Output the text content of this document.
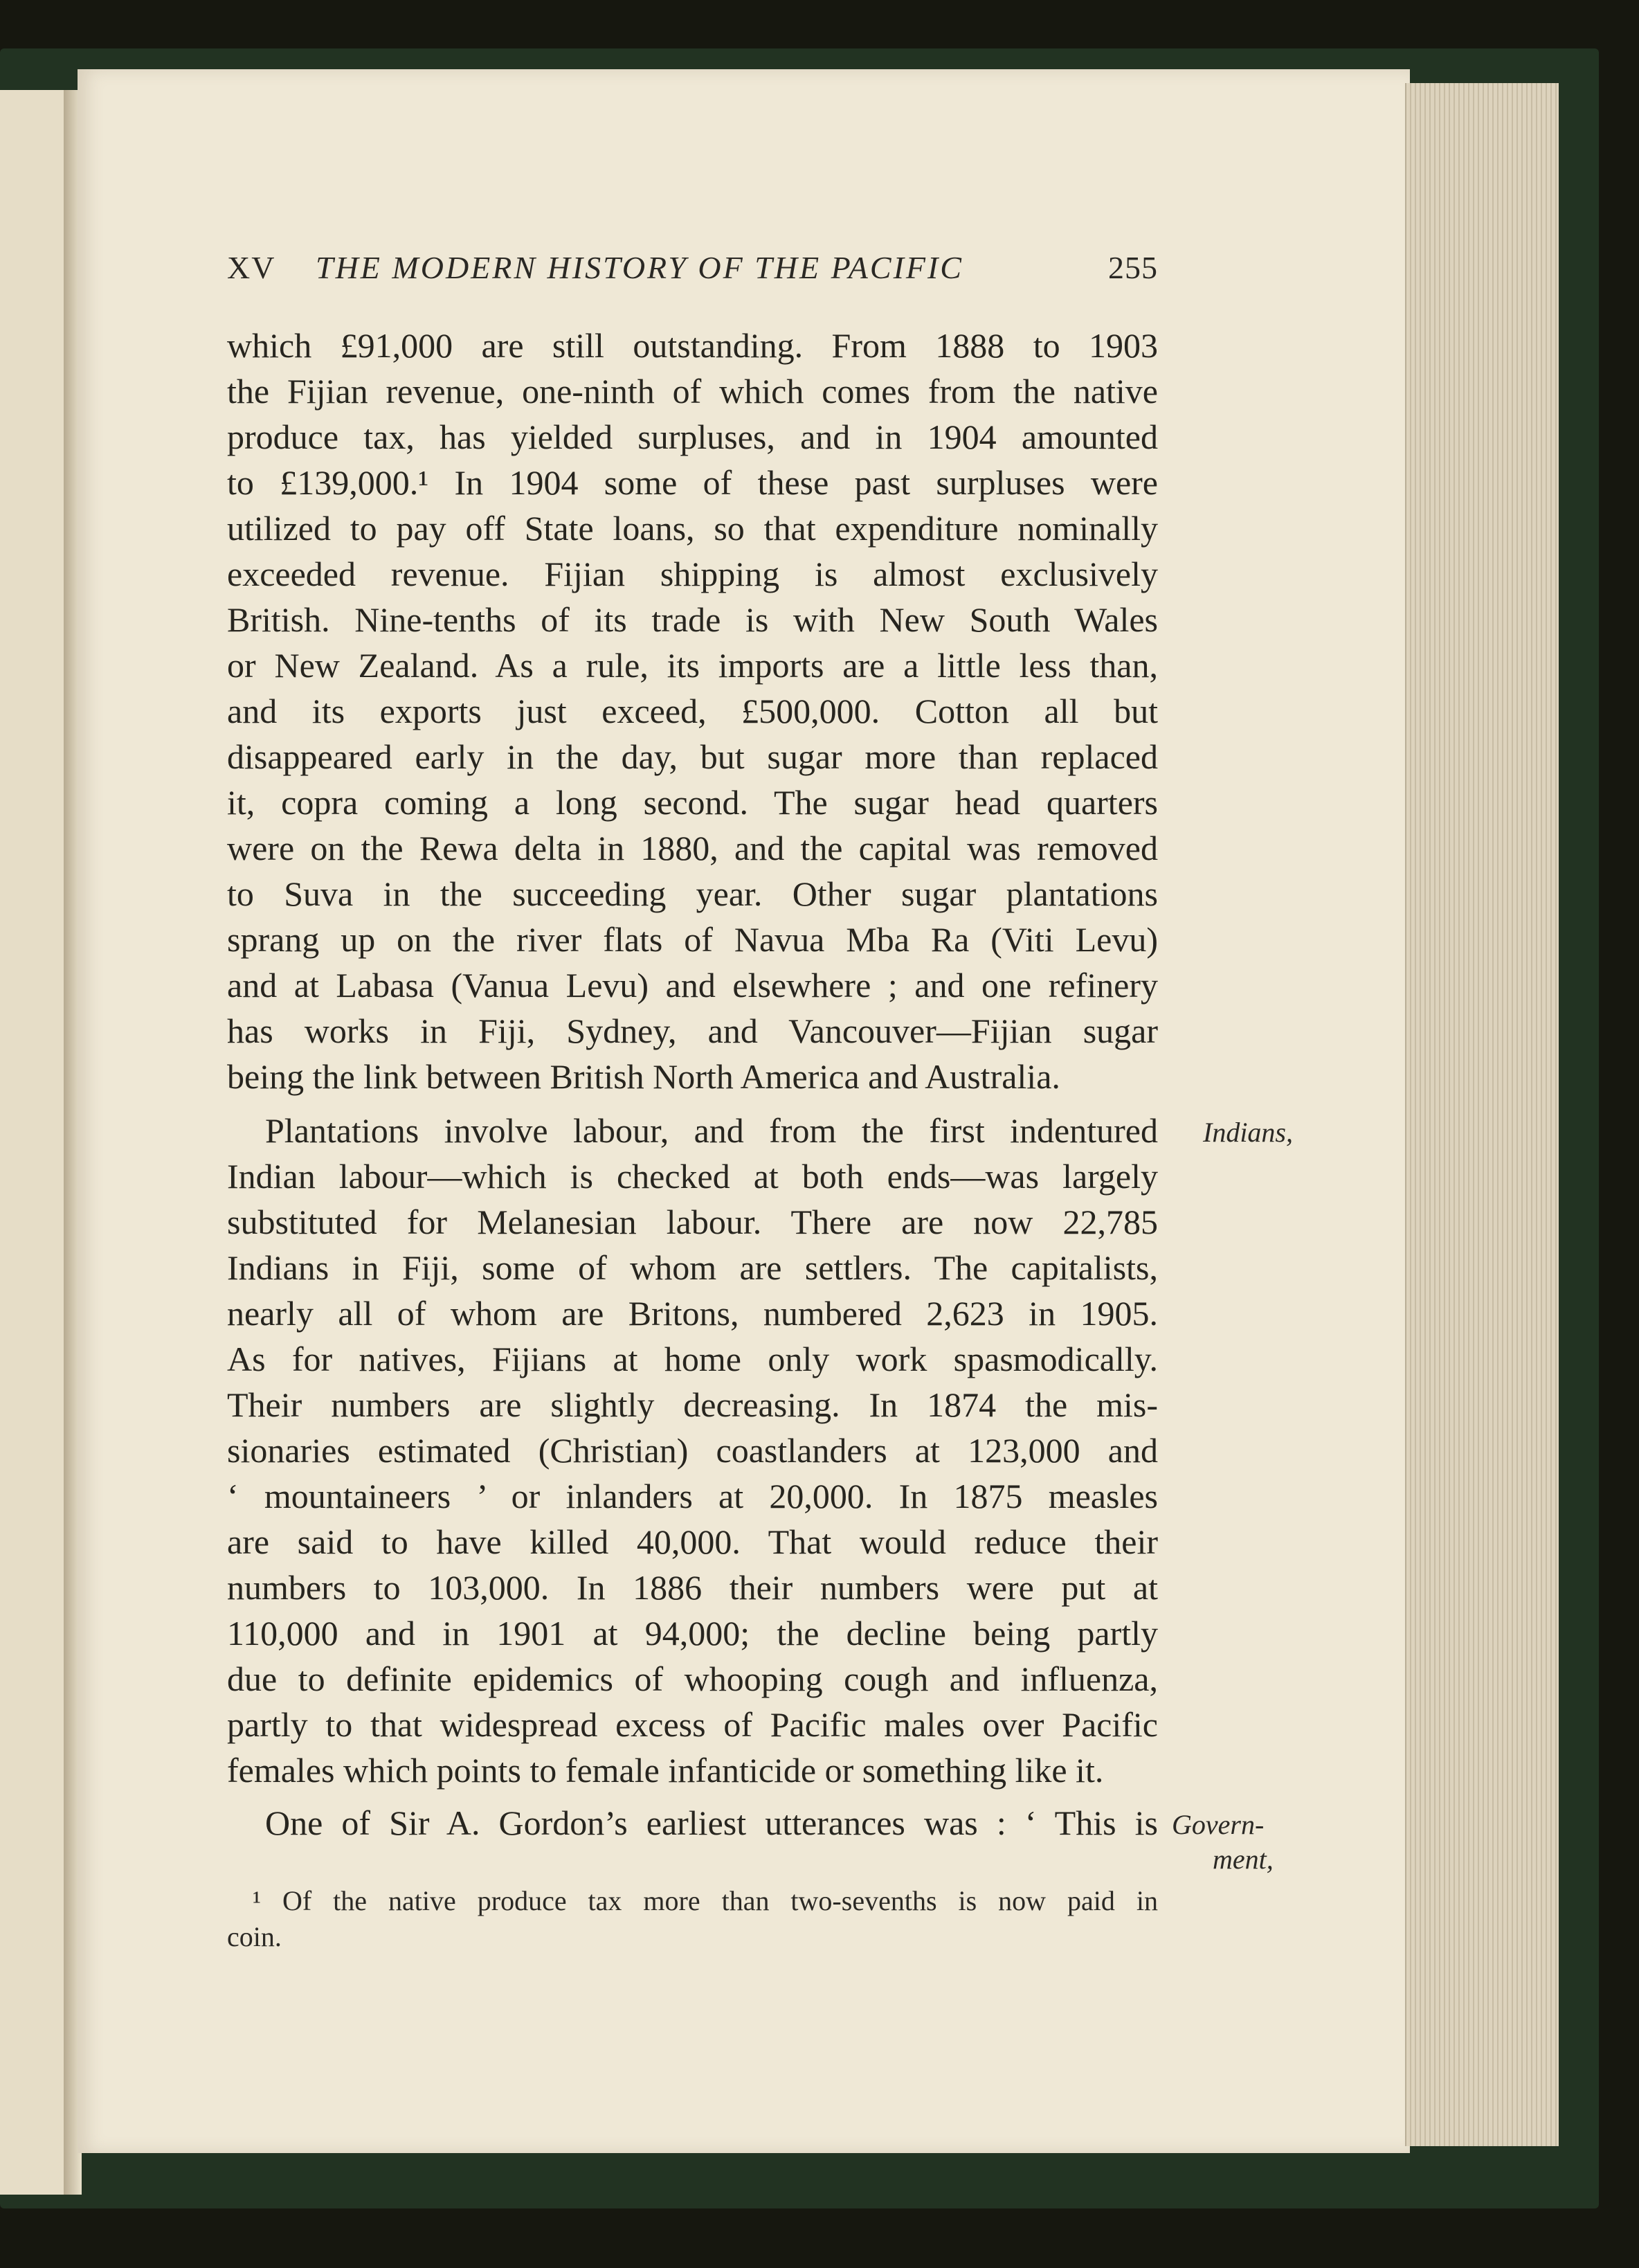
XV THE MODERN HISTORY OF THE PACIFIC	255
which £91,000 are still outstanding. From 1888 to 1903
the Fijian revenue, one-ninth of which comes from the native
produce tax, has yielded surpluses, and in 1904 amounted
to £139,000.¹ In 1904 some of these past surpluses were
utilized to pay off State loans, so that expenditure nominally
exceeded revenue. Fijian shipping is almost exclusively
British. Nine-tenths of its trade is with New South Wales
or New Zealand. As a rule, its imports are a little less than,
and its exports just exceed, £500,000. Cotton all but
disappeared early in the day, but sugar more than replaced
it, copra coming a long second. The sugar head quarters
were on the Rewa delta in 1880, and the capital was removed
to Suva in the succeeding year. Other sugar plantations
sprang up on the river flats of Navua Mba Ra (Viti Levu)
and at Labasa (Vanua Levu) and elsewhere ; and one refinery
has works in Fiji, Sydney, and Vancouver—Fijian sugar
being the link between British North America and Australia.
Plantations involve labour, and from the first indentured
Indian labour—which is checked at both ends—was largely
substituted for Melanesian labour. There are now 22,785
Indians in Fiji, some of whom are settlers. The capitalists,
nearly all of whom are Britons, numbered 2,623 in 1905.
As for natives, Fijians at home only work spasmodically.
Their numbers are slightly decreasing. In 1874 the mis-
sionaries estimated (Christian) coastlanders at 123,000 and
‘ mountaineers ’ or inlanders at 20,000. In 1875 measles
are said to have killed 40,000. That would reduce their
numbers to 103,000. In 1886 their numbers were put at
110,000 and in 1901 at 94,000; the decline being partly
due to definite epidemics of whooping cough and influenza,
partly to that widespread excess of Pacific males over Pacific
females which points to female infanticide or something like it.
One of Sir A. Gordon’s earliest utterances was : ‘ This is
Indians,
Govern-
ment,
¹ Of the native produce tax more than two-sevenths is now paid in
coin.
